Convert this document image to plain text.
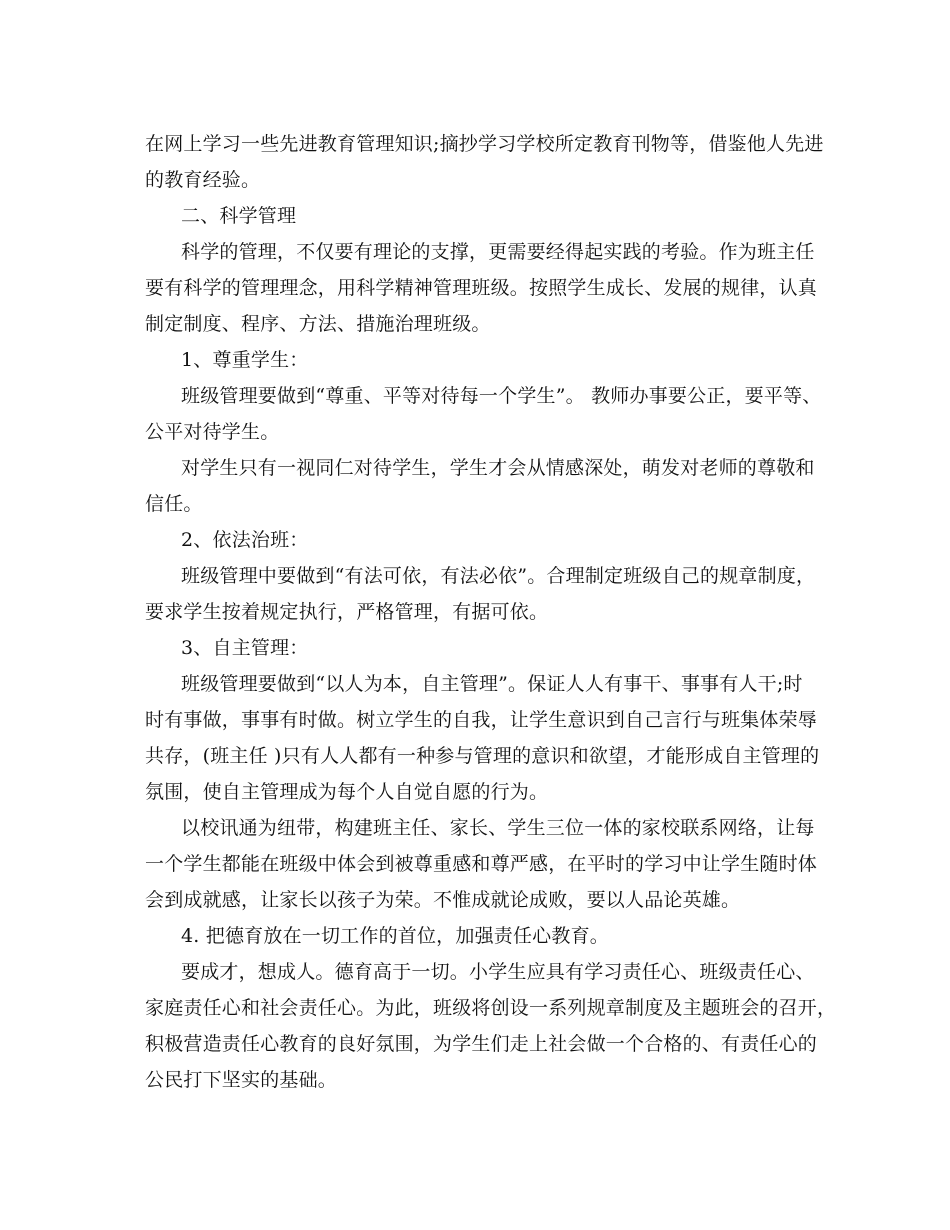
在网上学习一些先进教育管理知识;摘抄学习学校所定教育刊物等，借鉴他人先进
的教育经验。
二、科学管理
科学的管理，不仅要有理论的支撑，更需要经得起实践的考验。作为班主任
要有科学的管理理念，用科学精神管理班级。按照学生成长、发展的规律，认真
制定制度、程序、方法、措施治理班级。
1、尊重学生：
班级管理要做到“尊重、平等对待每一个学生”。 教师办事要公正，要平等、
公平对待学生。
对学生只有一视同仁对待学生，学生才会从情感深处，萌发对老师的尊敬和
信任。
2、依法治班：
班级管理中要做到“有法可依，有法必依”。合理制定班级自己的规章制度，
要求学生按着规定执行，严格管理，有据可依。
3、自主管理：
班级管理要做到“以人为本，自主管理”。保证人人有事干、事事有人干;时
时有事做，事事有时做。树立学生的自我，让学生意识到自己言行与班集体荣辱
共存，(班主任 )只有人人都有一种参与管理的意识和欲望，才能形成自主管理的
氛围，使自主管理成为每个人自觉自愿的行为。
以校讯通为纽带，构建班主任、家长、学生三位一体的家校联系网络，让每
一个学生都能在班级中体会到被尊重感和尊严感，在平时的学习中让学生随时体
会到成就感，让家长以孩子为荣。不惟成就论成败，要以人品论英雄。
4. 把德育放在一切工作的首位，加强责任心教育。
要成才，想成人。德育高于一切。小学生应具有学习责任心、班级责任心、
家庭责任心和社会责任心。为此，班级将创设一系列规章制度及主题班会的召开，
积极营造责任心教育的良好氛围，为学生们走上社会做一个合格的、有责任心的
公民打下坚实的基础。
